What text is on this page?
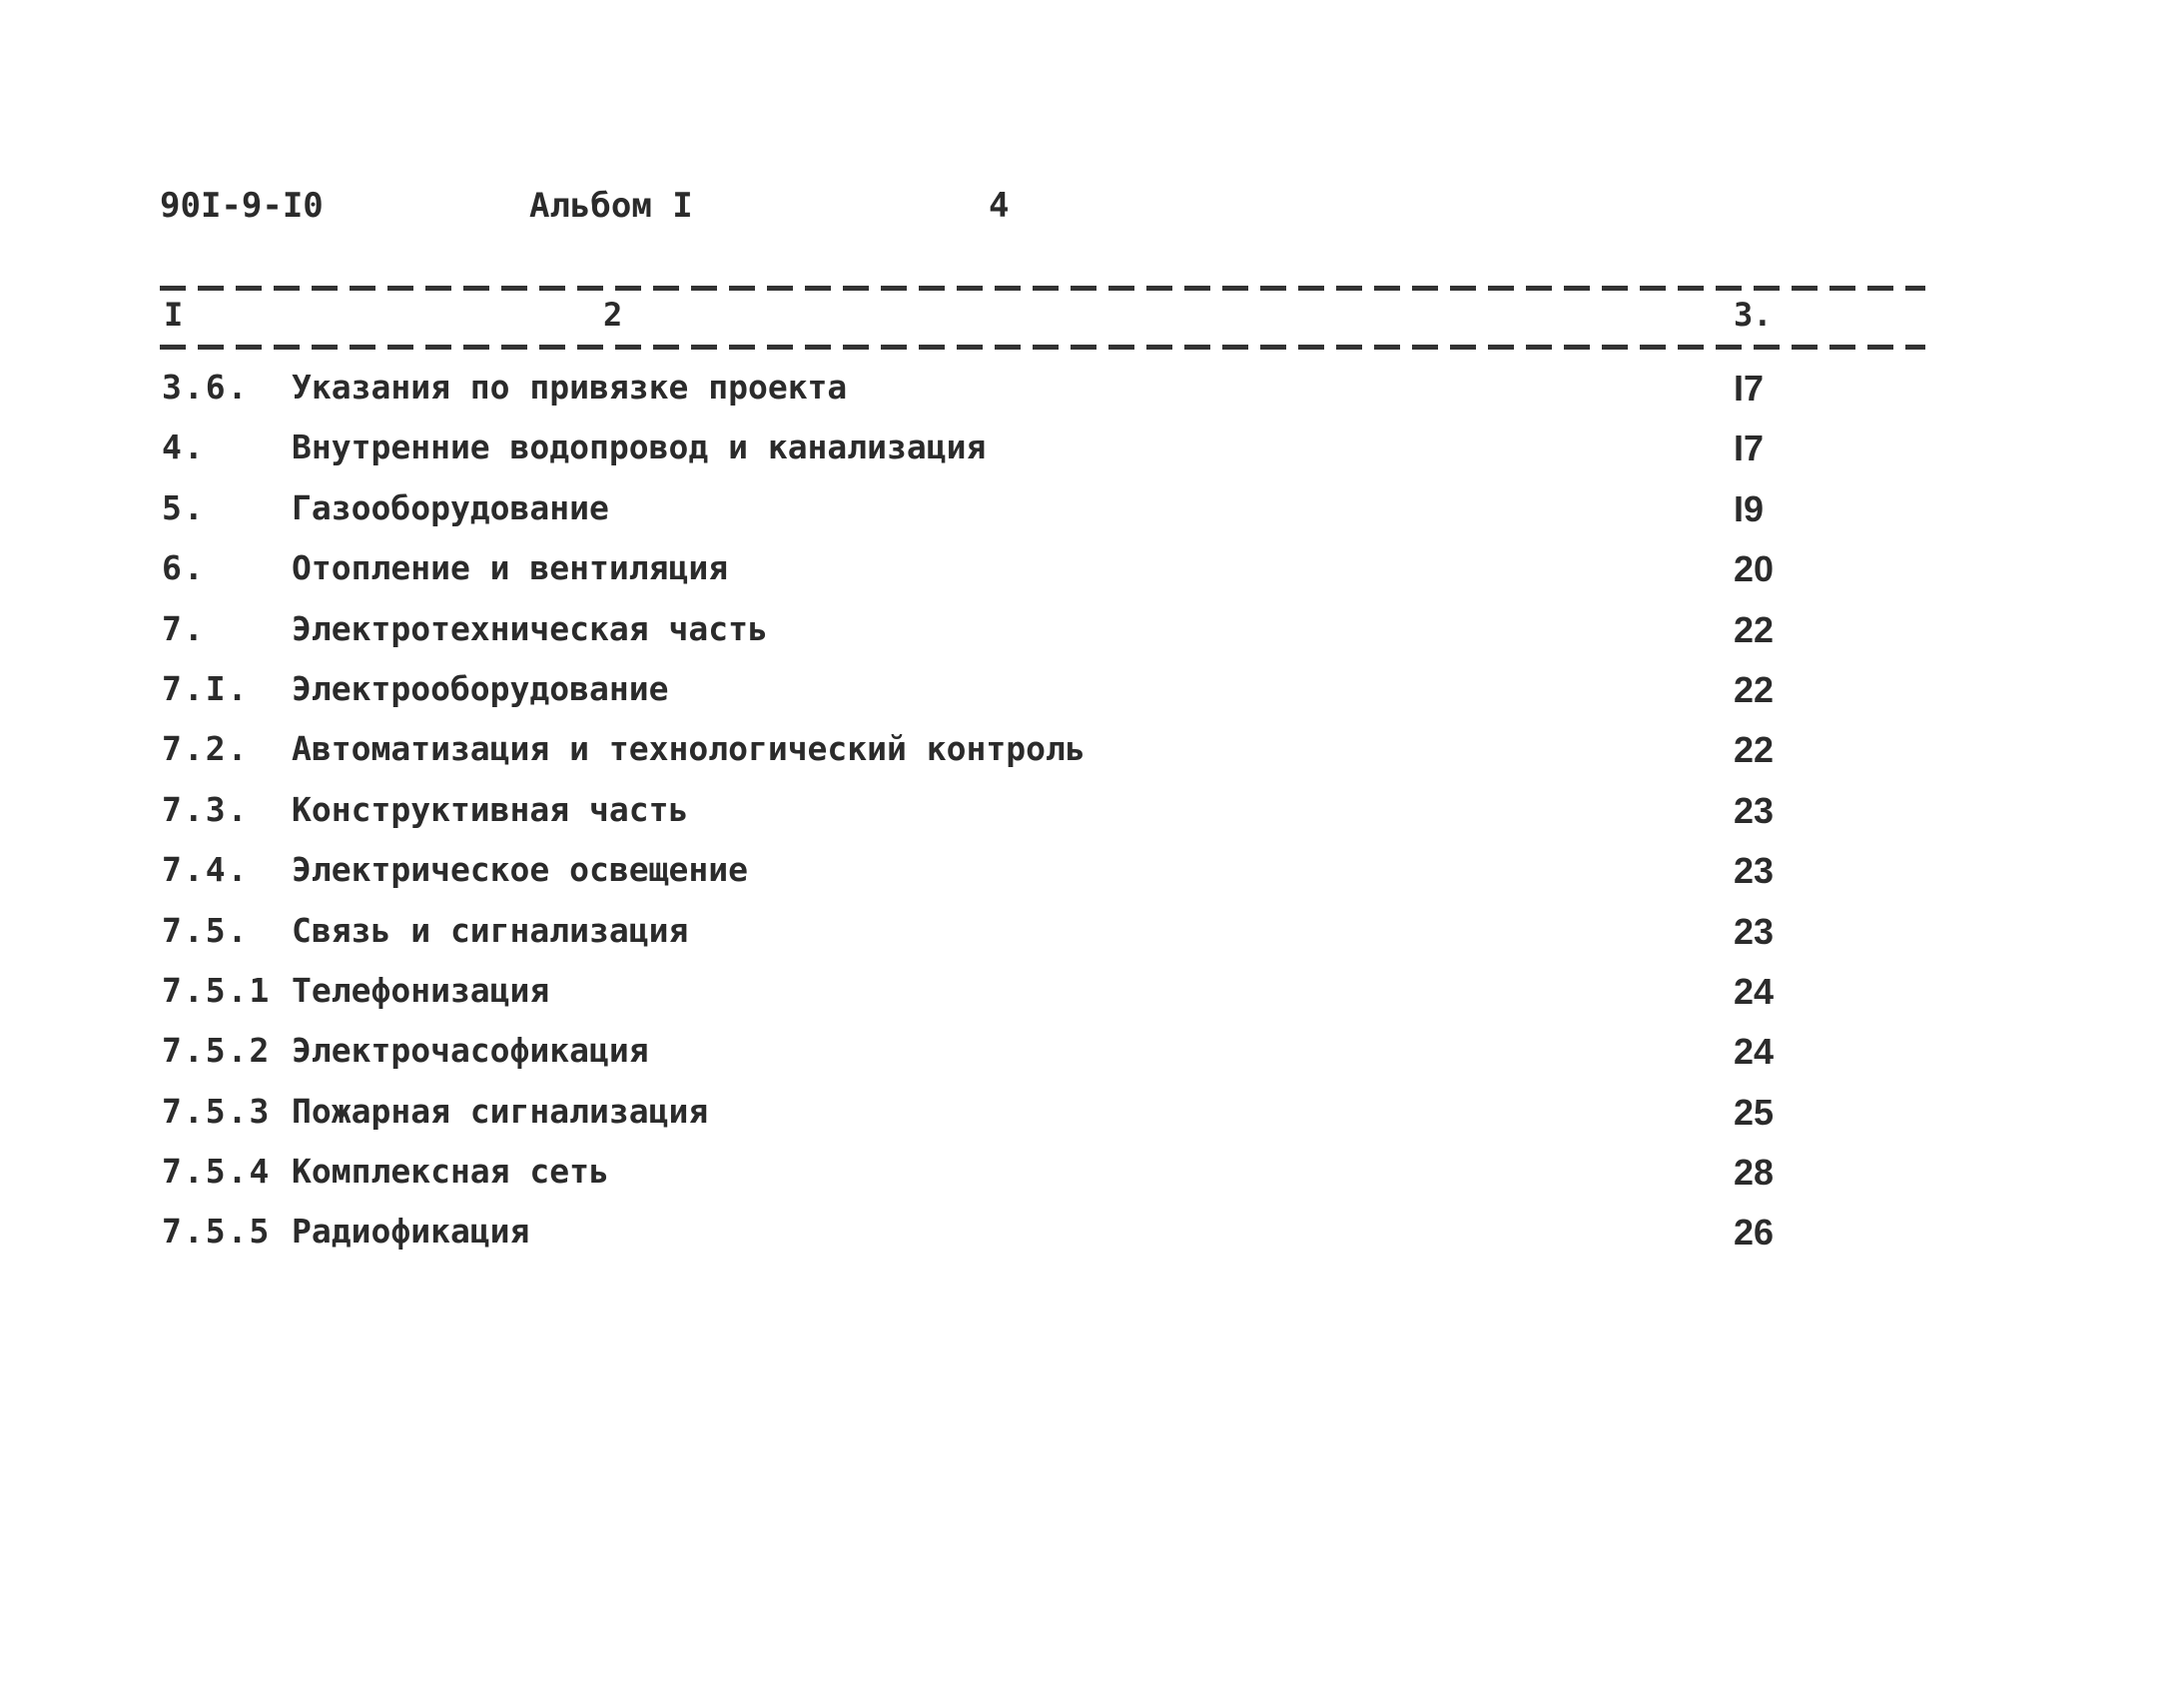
90I-9-I0	Альбом I	4
I	2	3.
3.6. Указания по привязке проекта	I7
4.	Внутренние водопровод и канализация	I7
5.	Газооборудование	I9
6.	Отопление и вентиляция	20
7.	Электротехническая часть	22
7.I. Электрооборудование	22
7.2. Автоматизация и технологический контроль	22
7.3. Конструктивная часть	23
7.4. Электрическое освещение	23
7.5. Связь и сигнализация	23
7.5.1 Телефонизация	24
7.5.2 Электрочасофикация	24
7.5.3 Пожарная сигнализация	25
7.5.4 Комплексная сеть	28
7.5.5 Радиофикация	26
